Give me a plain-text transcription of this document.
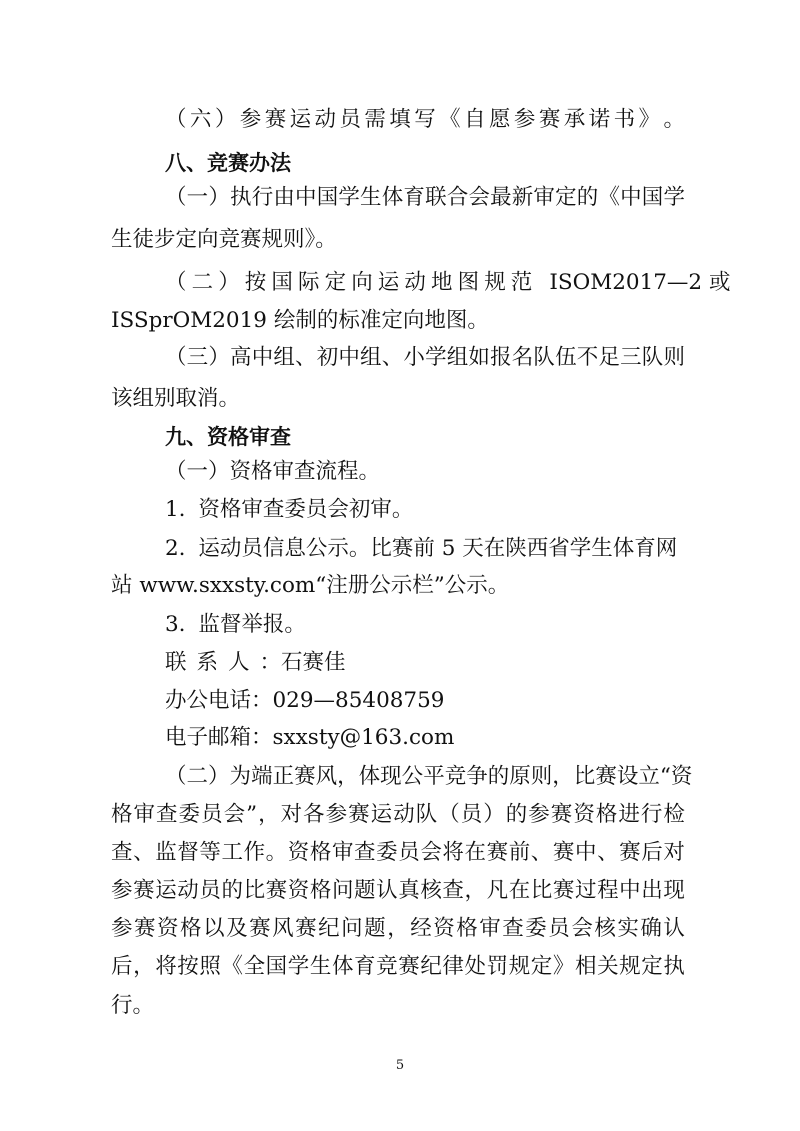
（ 六 ） 参 赛 运 动 员 需 填 写 《 自 愿 参 赛 承 诺 书 》 。
八、竞赛办法
（ 一 ） 执 行 由 中 国 学 生 体 育 联 合 会 最 新 审 定 的 《 中 国 学
生徒步定向竞赛规则》。
（二）按国际定向运动地图规范 ISOM2017—2 或
ISSprOM2019 绘制的标准定向地图。
（ 三 ） 高 中 组 、 初 中 组 、 小 学 组 如 报 名 队 伍 不 足 三 队 则
该组别取消。
九、资格审查
（一）资格审查流程。
1. 资格审查委员会初审。
2. 运动员信息公示。比赛前 5 天在陕西省学生体育网
站 www.sxxsty.com“注册公示栏”公示。
3. 监督举报。
联系人：石赛佳
办公电话：029—85408759
电子邮箱：sxxsty@163.com
（ 二 ） 为 端 正 赛 风 ， 体 现 公 平 竞 争 的 原 则 ， 比 赛 设 立 “ 资
格 审 查 委 员 会 ” ， 对 各 参 赛 运 动 队 （ 员 ） 的 参 赛 资 格 进 行 检
查 、 监 督 等 工 作 。 资 格 审 查 委 员 会 将 在 赛 前 、 赛 中 、 赛 后 对
参 赛 运 动 员 的 比 赛 资 格 问 题 认 真 核 查 ， 凡 在 比 赛 过 程 中 出 现
参 赛 资 格 以 及 赛 风 赛 纪 问 题 ， 经 资 格 审 查 委 员 会 核 实 确 认
后 ， 将 按 照 《 全 国 学 生 体 育 竞 赛 纪 律 处 罚 规 定 》 相 关 规 定 执
行。
5
